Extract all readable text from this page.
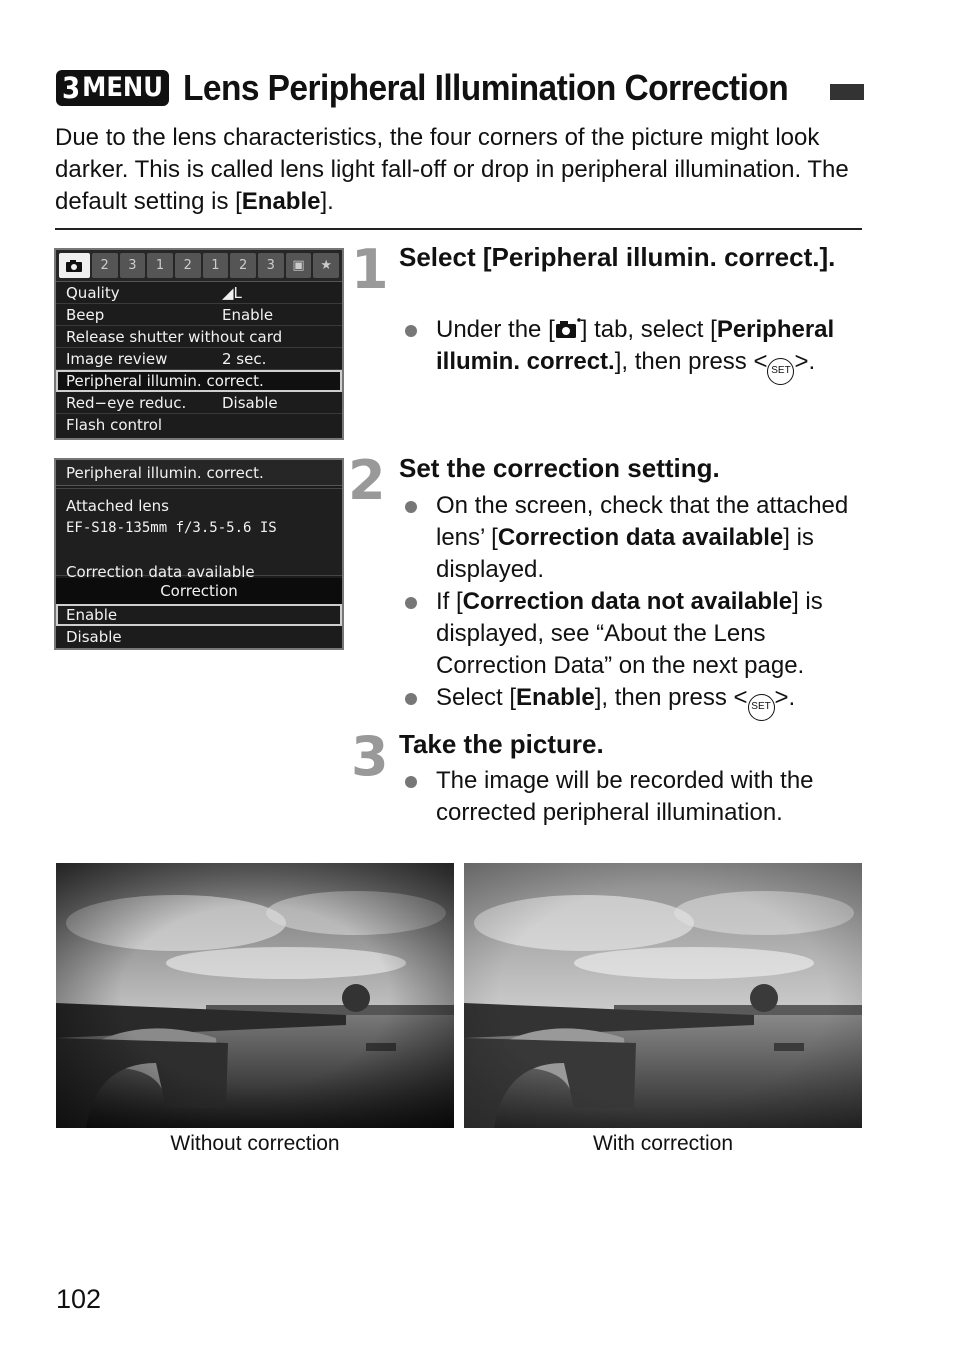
3 MENU Lens Peripheral Illumination Correction

Due to the lens characteristics, the four corners of the picture might look darker. This is called lens light fall-off or drop in peripheral illumination. The default setting is [Enable].

2	3	1	2	1	2	3	▣	★
Quality	◢L
Beep	Enable
Release shutter without card
Image review	2 sec.
Peripheral illumin. correct.
Red−eye reduc.	Disable
Flash control
Peripheral illumin. correct.
Attached lens
EF-S18-135mm f/3.5-5.6 IS
Correction data available
Correction
Enable
Disable
1 Select [Peripheral illumin. correct.].
Under the [ ] tab, select [Peripheral illumin. correct.], then press < SET >.
2 Set the correction setting.
On the screen, check that the attached lens’ [Correction data available] is displayed.
If [Correction data not available] is displayed, see “About the Lens Correction Data” on the next page.
Select [Enable], then press < SET >.
3 Take the picture.
The image will be recorded with the corrected peripheral illumination.
Without correction	With correction
102
